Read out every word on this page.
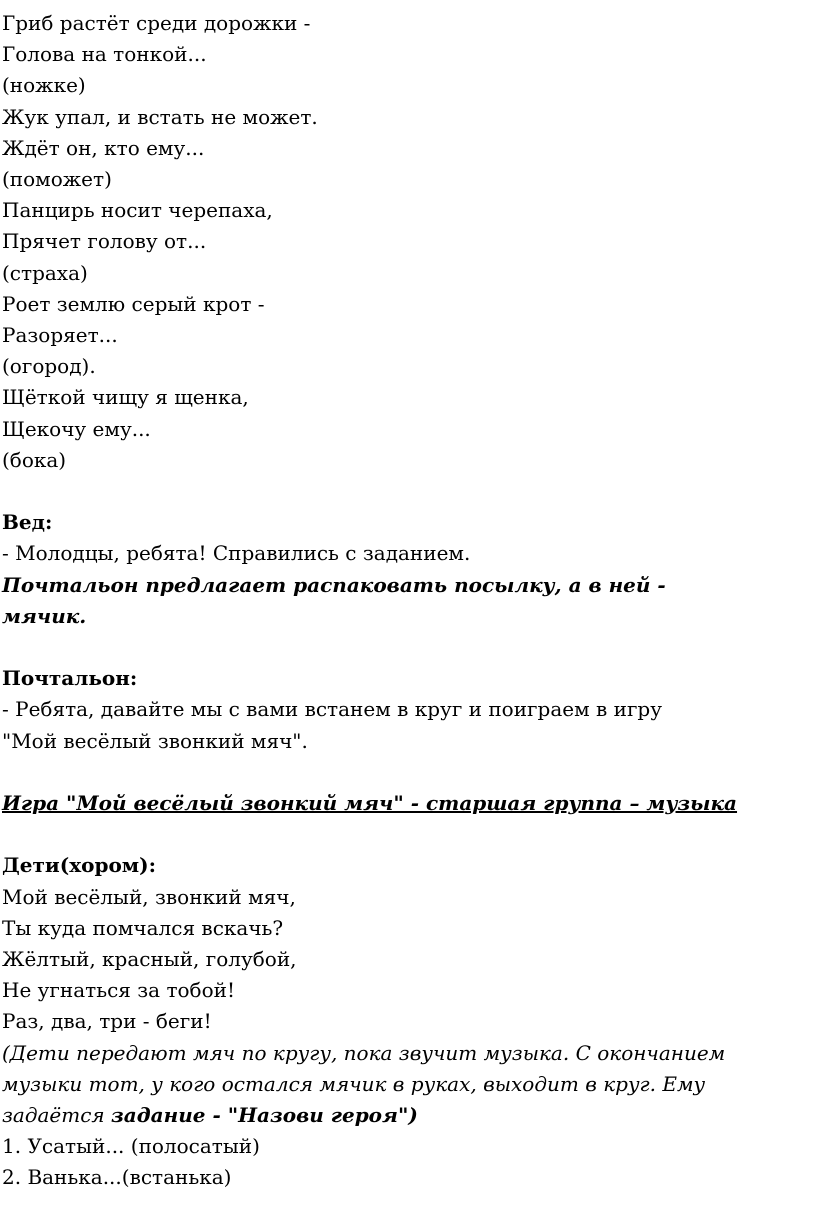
Гриб растёт среди дорожки -
Голова на тонкой...
(ножке)
Жук упал, и встать не может.
Ждёт он, кто ему...
(поможет)
Панцирь носит черепаха,
Прячет голову от...
(страха)
Роет землю серый крот -
Разоряет...
(огород).
Щёткой чищу я щенка,
Щекочу ему...
(бока)
Вед:
- Молодцы, ребята! Справились с заданием.
Почтальон предлагает распаковать посылку, а в ней -
мячик.
Почтальон:
- Ребята, давайте мы с вами встанем в круг и поиграем в игру
"Мой весёлый звонкий мяч".
Игра "Мой весёлый звонкий мяч" - старшая группа – музыка
Дети(хором):
Мой весёлый, звонкий мяч,
Ты куда помчался вскачь?
Жёлтый, красный, голубой,
Не угнаться за тобой!
Раз, два, три - беги!
(Дети передают мяч по кругу, пока звучит музыка. С окончанием
музыки тот, у кого остался мячик в руках, выходит в круг. Ему
задаётся задание - "Назови героя")
1. Усатый... (полосатый)
2. Ванька...(встанька)
